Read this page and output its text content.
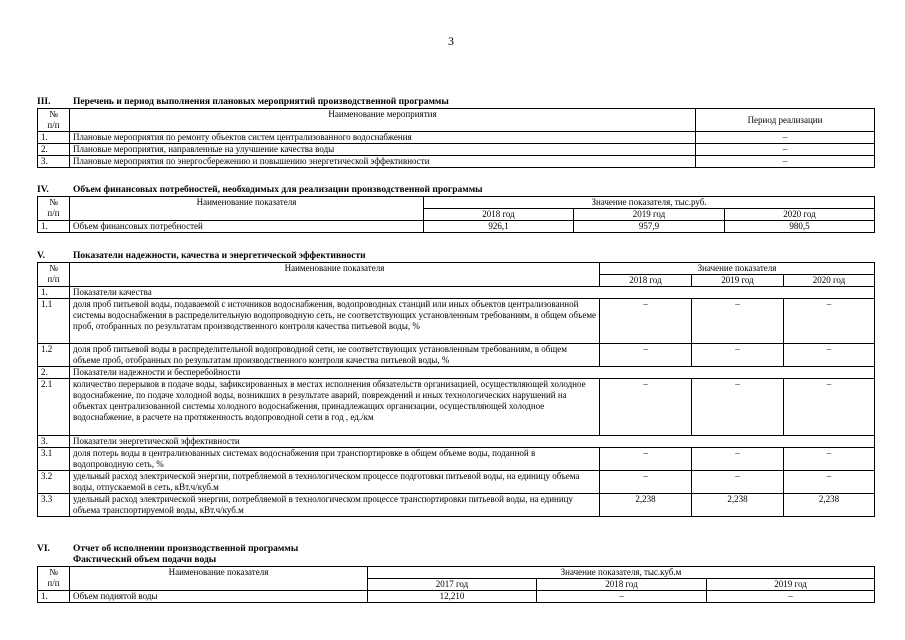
3
III. Перечень и период выполнения плановых мероприятий производственной программы
№
п/п	Наименование мероприятия	Период реализации
1.	Плановые мероприятия по ремонту объектов систем централизованного водоснабжения	–
2.	Плановые мероприятия, направленные на улучшение качества воды	–
3.	Плановые мероприятия по энергосбережению и повышению энергетической эффективности	–
IV.	Объем финансовых потребностей, необходимых для реализации производственной программы
№
п/п	Наименование показателя	Значение показателя, тыс.руб.		
		2018 год	2019 год	2020 год
1.	Объем финансовых потребностей	926,1	957,9	980,5
V.	Показатели надежности, качества и энергетической эффективности
№
п/п	Наименование показателя	Значение показателя		
		2018 год	2019 год	2020 год
1.	Показатели качества			
1.1	доля проб питьевой воды, подаваемой с источников водоснабжения, водопроводных станций или иных объектов централизованной системы водоснабжения в распределительную водопроводную сеть, не соответствующих установленным требованиям, в общем объеме проб, отобранных по результатам производственного контроля качества питьевой воды, %	–	–	–
1.2	доля проб питьевой воды в распределительной водопроводной сети, не соответствующих установленным требованиям, в общем объеме проб, отобранных по результатам производственного контроля качества питьевой воды, %	–	–	–
2.	Показатели надежности и бесперебойности			
2.1	количество перерывов в подаче воды, зафиксированных в местах исполнения обязательств организацией, осуществляющей холодное водоснабжение, по подаче холодной воды, возникших в результате аварий, повреждений и иных технологических нарушений на объектах централизованной системы холодного водоснабжения, принадлежащих организации, осуществляющей холодное водоснабжение, в расчете на протяженность водопроводной сети в год , ед./км	–	–	–
3.	Показатели энергетической эффективности			
3.1	доля потерь воды в централизованных системах водоснабжения при транспортировке в общем объеме воды, поданной в водопроводную сеть, %	–	–	–
3.2	удельный расход электрической энергии, потребляемой в технологическом процессе подготовки питьевой воды, на единицу объема воды, отпускаемой в сеть, кВт.ч/куб.м	–	–	–
3.3	удельный расход электрической энергии, потребляемой в технологическом процессе транспортировки питьевой воды, на единицу объема транспортируемой воды, кВт.ч/куб.м	2,238	2,238	2,238
VI. Отчет об исполнении производственной программы
Фактический объем подачи воды
№
п/п	Наименование показателя	Значение показателя, тыс.куб.м		
		2017 год	2018 год	2019 год
1.	Объем поднятой воды	12,210	–	–
